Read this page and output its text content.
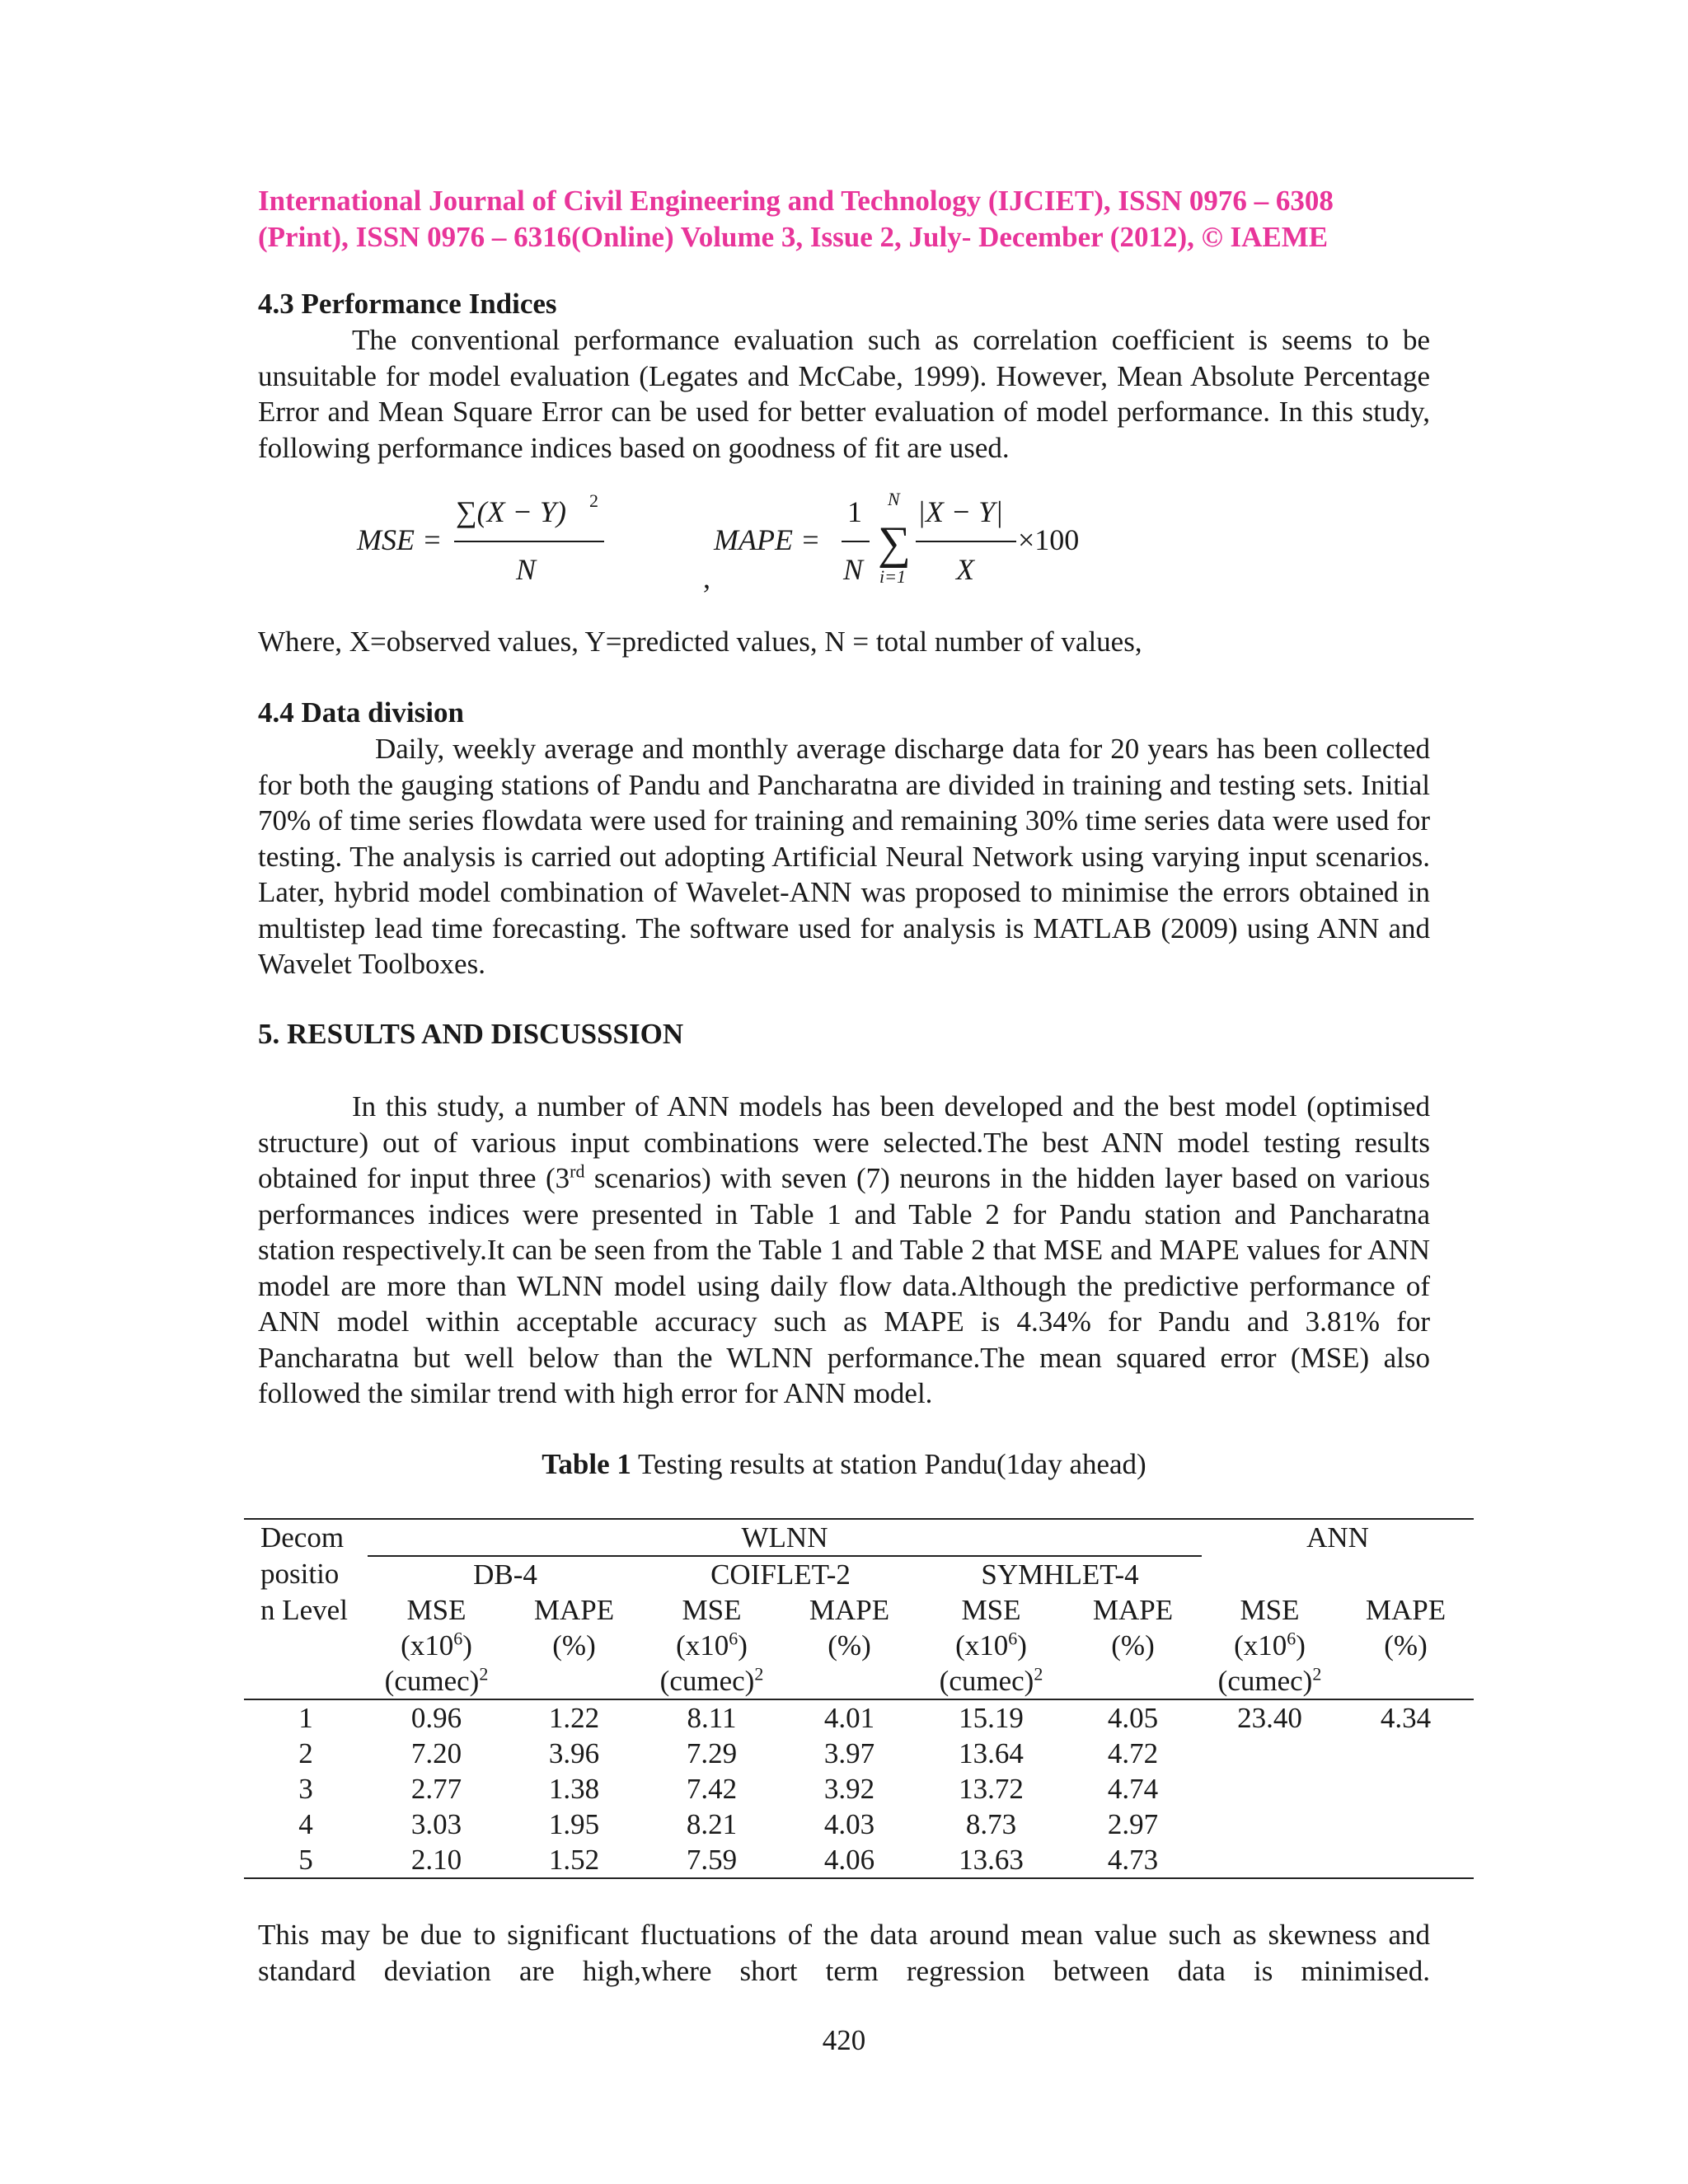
International Journal of Civil Engineering and Technology (IJCIET), ISSN 0976 – 6308
(Print), ISSN 0976 – 6316(Online) Volume 3, Issue 2, July- December (2012), © IAEME
4.3 Performance Indices
The conventional performance evaluation such as correlation coefficient is seems to be unsuitable for model evaluation (Legates and McCabe, 1999). However, Mean Absolute Percentage Error and Mean Square Error can be used for better evaluation of model performance. In this study, following performance indices based on goodness of fit are used.
MSE =
∑(X − Y) 2
N	,
MAPE =
1
N
N
∑
i=1
|X − Y|
X
×100
Where, X=observed values, Y=predicted values, N = total number of values,
4.4 Data division
Daily, weekly average and monthly average discharge data for 20 years has been collected for both the gauging stations of Pandu and Pancharatna are divided in training and testing sets. Initial 70% of time series flowdata were used for training and remaining 30% time series data were used for testing. The analysis is carried out adopting Artificial Neural Network using varying input scenarios. Later, hybrid model combination of Wavelet-ANN was proposed to minimise the errors obtained in multistep lead time forecasting. The software used for analysis is MATLAB (2009) using ANN and Wavelet Toolboxes.
5. RESULTS AND DISCUSSSION
In this study, a number of ANN models has been developed and the best model (optimised structure) out of various input combinations were selected.The best ANN model testing results obtained for input three (3rd scenarios) with seven (7) neurons in the hidden layer based on various performances indices were presented in Table 1 and Table 2 for Pandu station and Pancharatna station respectively.It can be seen from the Table 1 and Table 2 that MSE and MAPE values for ANN model are more than WLNN model using daily flow data.Although the predictive performance of ANN model within acceptable accuracy such as MAPE is 4.34% for Pandu and 3.81% for Pancharatna but well below than the WLNN performance.The mean squared error (MSE) also followed the similar trend with high error for ANN model.
Table 1 Testing results at station Pandu(1day ahead)
Decom	WLNN						ANN	
positio	DB-4		COIFLET-2		SYMHLET-4			
n Level	MSE	MAPE	MSE	MAPE	MSE	MAPE	MSE	MAPE
	$(x10^6)$	(%)	$(x10^6)$	(%)	$(x10^6)$	(%)	$(x10^6)$	(%)
	(cumec)$^2$		(cumec)$^2$		(cumec)$^2$		(cumec)$^2$	
1	0.96	1.22	8.11	4.01	15.19	4.05	23.40	4.34
2	7.20	3.96	7.29	3.97	13.64	4.72		
3	2.77	1.38	7.42	3.92	13.72	4.74		
4	3.03	1.95	8.21	4.03	8.73	2.97		
5	2.10	1.52	7.59	4.06	13.63	4.73		
This may be due to significant fluctuations of the data around mean value such as skewness and standard deviation are high,where short term regression between data is minimised.
420
